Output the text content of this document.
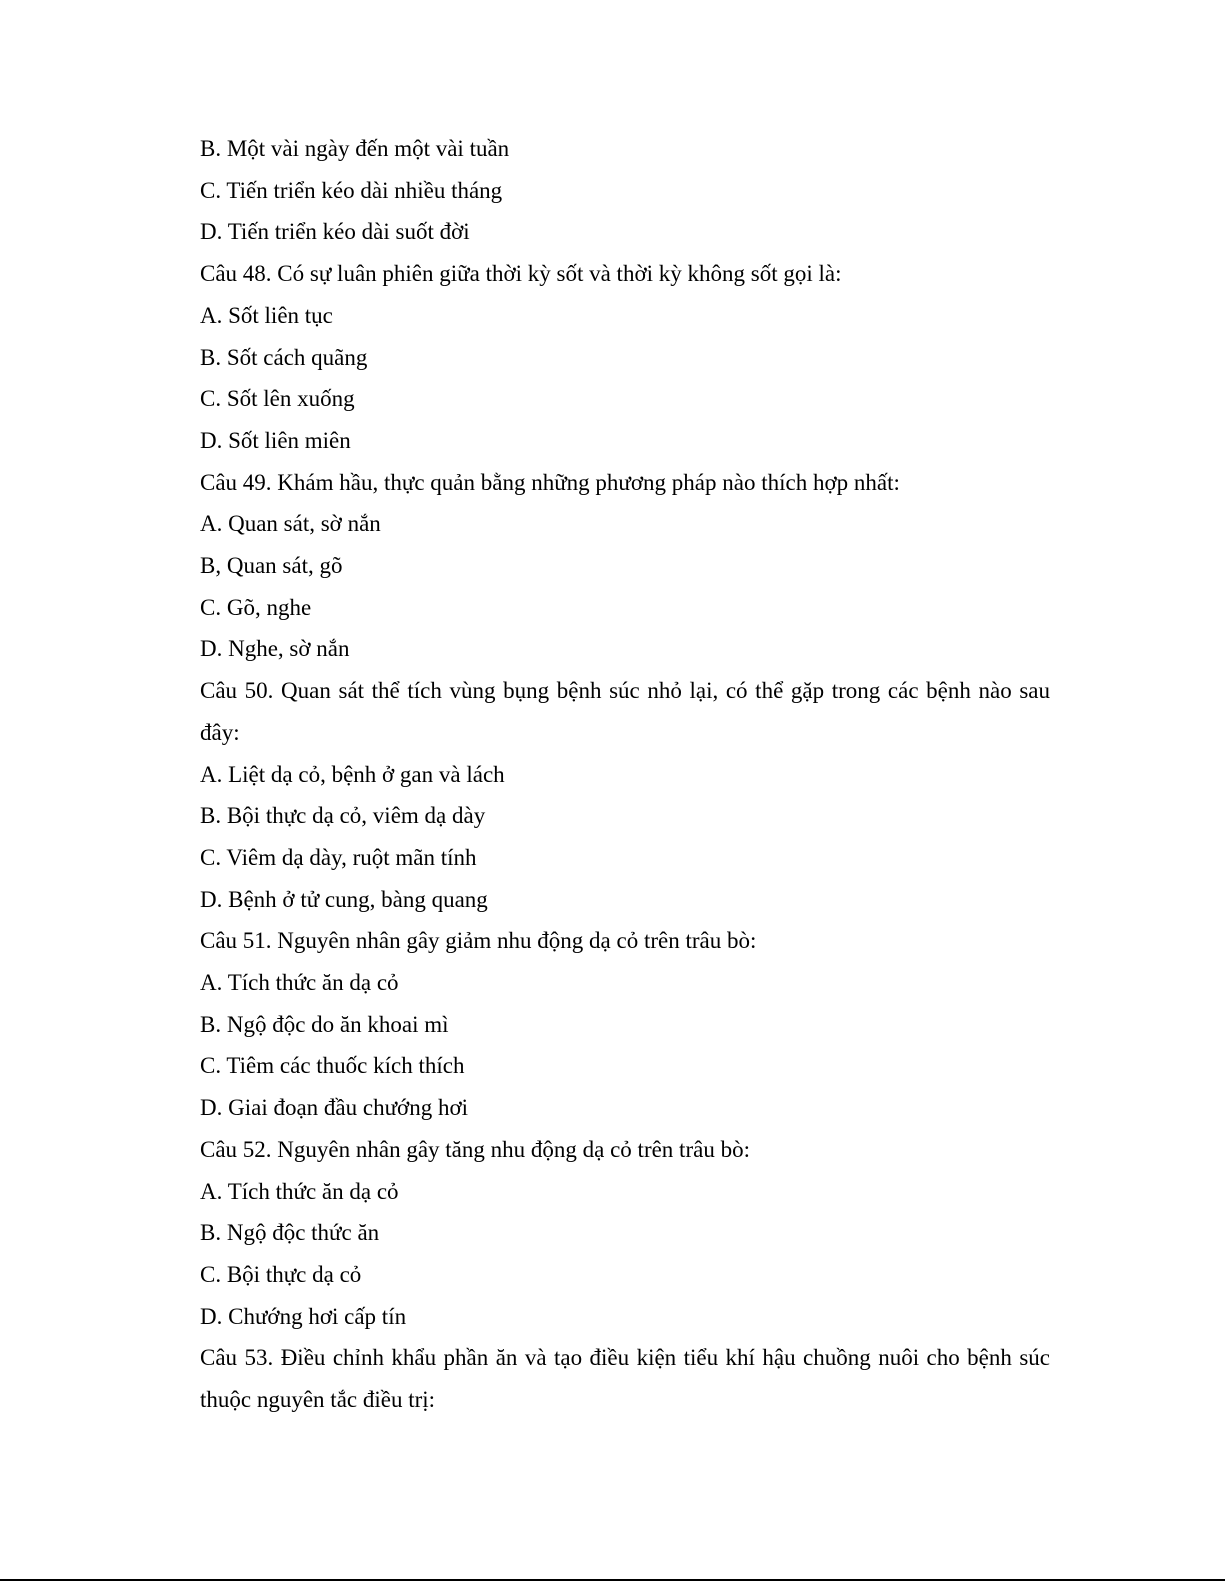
B. Một vài ngày đến một vài tuần

C. Tiến triển kéo dài nhiều tháng

D. Tiến triển kéo dài suốt đời

Câu 48. Có sự luân phiên giữa thời kỳ sốt và thời kỳ không sốt gọi là:

A. Sốt liên tục

B. Sốt cách quãng

C. Sốt lên xuống

D. Sốt liên miên

Câu 49. Khám hầu, thực quản bằng những phương pháp nào thích hợp nhất:

A. Quan sát, sờ nắn

B, Quan sát, gõ

C. Gõ, nghe

D. Nghe, sờ nắn

Câu 50. Quan sát thể tích vùng bụng bệnh súc nhỏ lại, có thể gặp trong các bệnh nào sau đây:

A. Liệt dạ cỏ, bệnh ở gan và lách

B. Bội thực dạ cỏ, viêm dạ dày

C. Viêm dạ dày, ruột mãn tính

D. Bệnh ở tử cung, bàng quang

Câu 51. Nguyên nhân gây giảm nhu động dạ cỏ trên trâu bò:

A. Tích thức ăn dạ cỏ

B. Ngộ độc do ăn khoai mì

C. Tiêm các thuốc kích thích

D. Giai đoạn đầu chướng hơi

Câu 52. Nguyên nhân gây tăng nhu động dạ cỏ trên trâu bò:

A. Tích thức ăn dạ cỏ

B. Ngộ độc thức ăn

C. Bội thực dạ cỏ

D. Chướng hơi cấp tín

Câu 53. Điều chỉnh khẩu phần ăn và tạo điều kiện tiểu khí hậu chuồng nuôi cho bệnh súc thuộc nguyên tắc điều trị:
